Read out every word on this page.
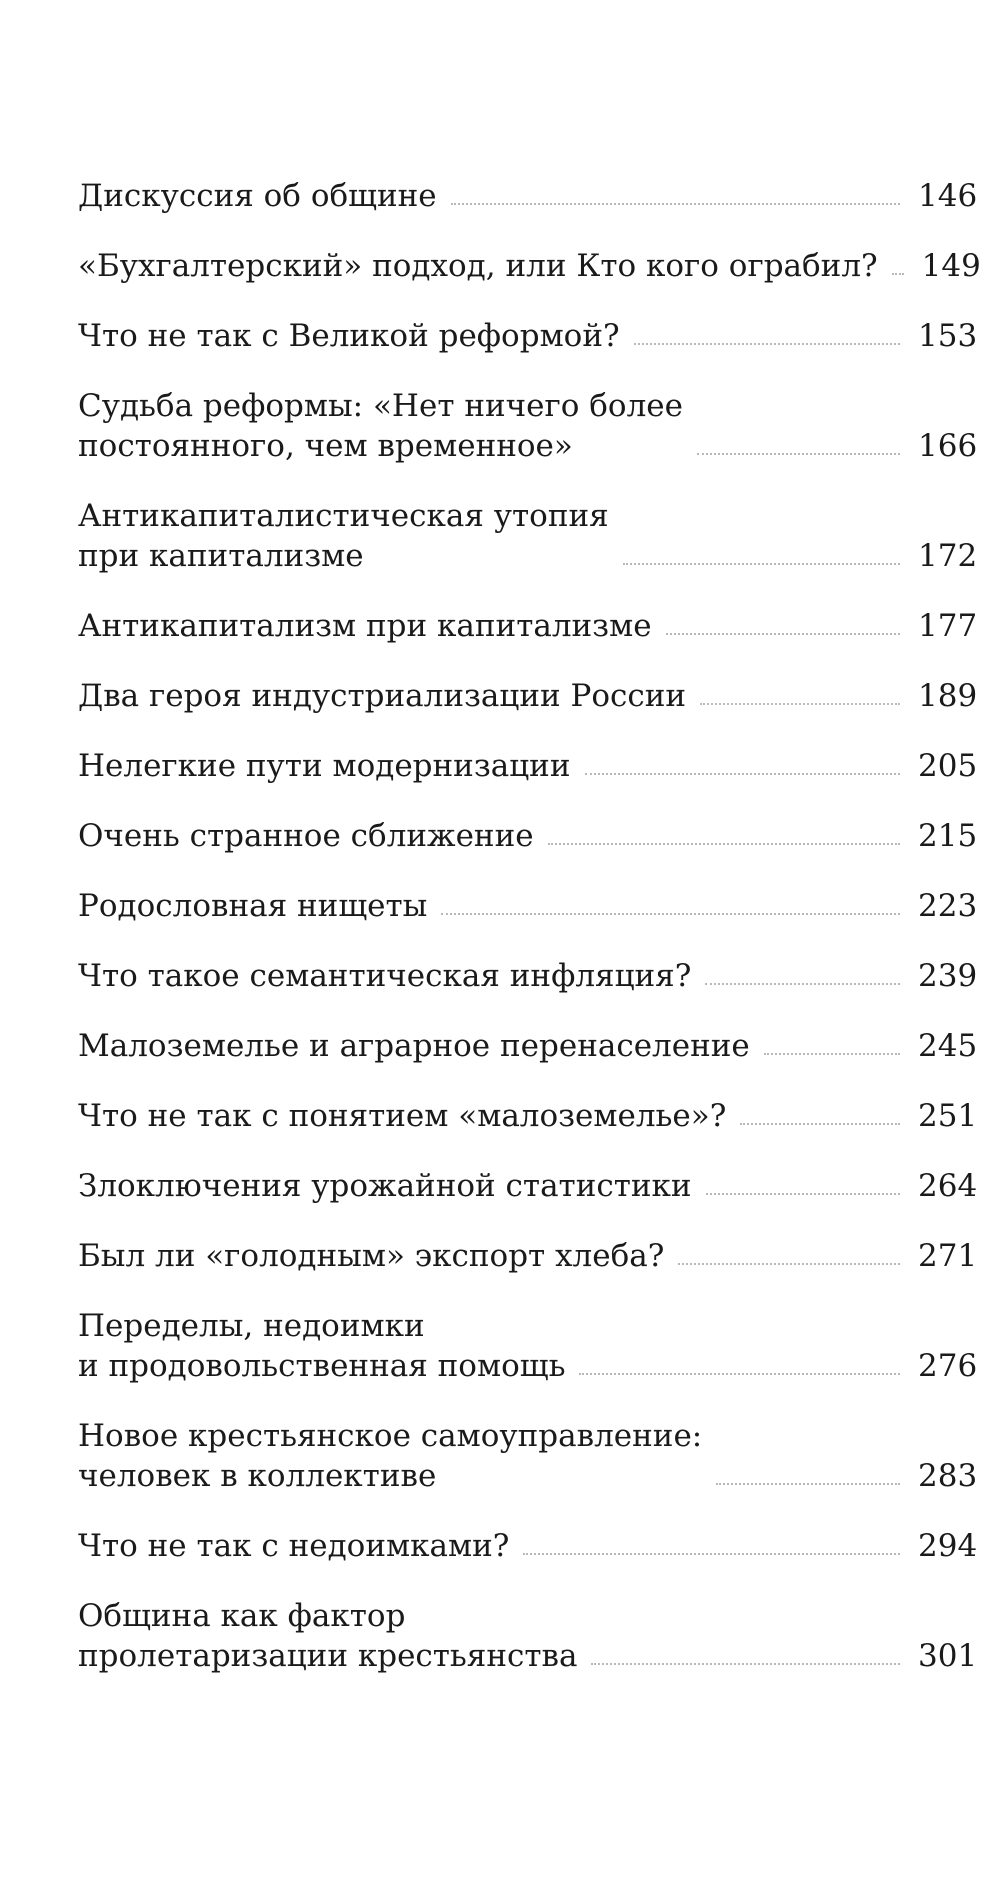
Дискуссия об общине	146
«Бухгалтерский» подход, или Кто кого ограбил? 149
Что не так с Великой реформой?	153
Судьба реформы: «Нет ничего более
постоянного, чем временное»	166
Антикапиталистическая утопия
при капитализме	172
Антикапитализм при капитализме	177
Два героя индустриализации России	189
Нелегкие пути модернизации	205
Очень странное сближение	215
Родословная нищеты	223
Что такое семантическая инфляция?	239
Малоземелье и аграрное перенаселение	245
Что не так с понятием «малоземелье»?	251
Злоключения урожайной статистики	264
Был ли «голодным» экспорт хлеба?	271
Переделы, недоимки
и продовольственная помощь	276
Новое крестьянское самоуправление:
человек в коллективе	283
Что не так с недоимками?	294
Община как фактор
пролетаризации крестьянства	301
